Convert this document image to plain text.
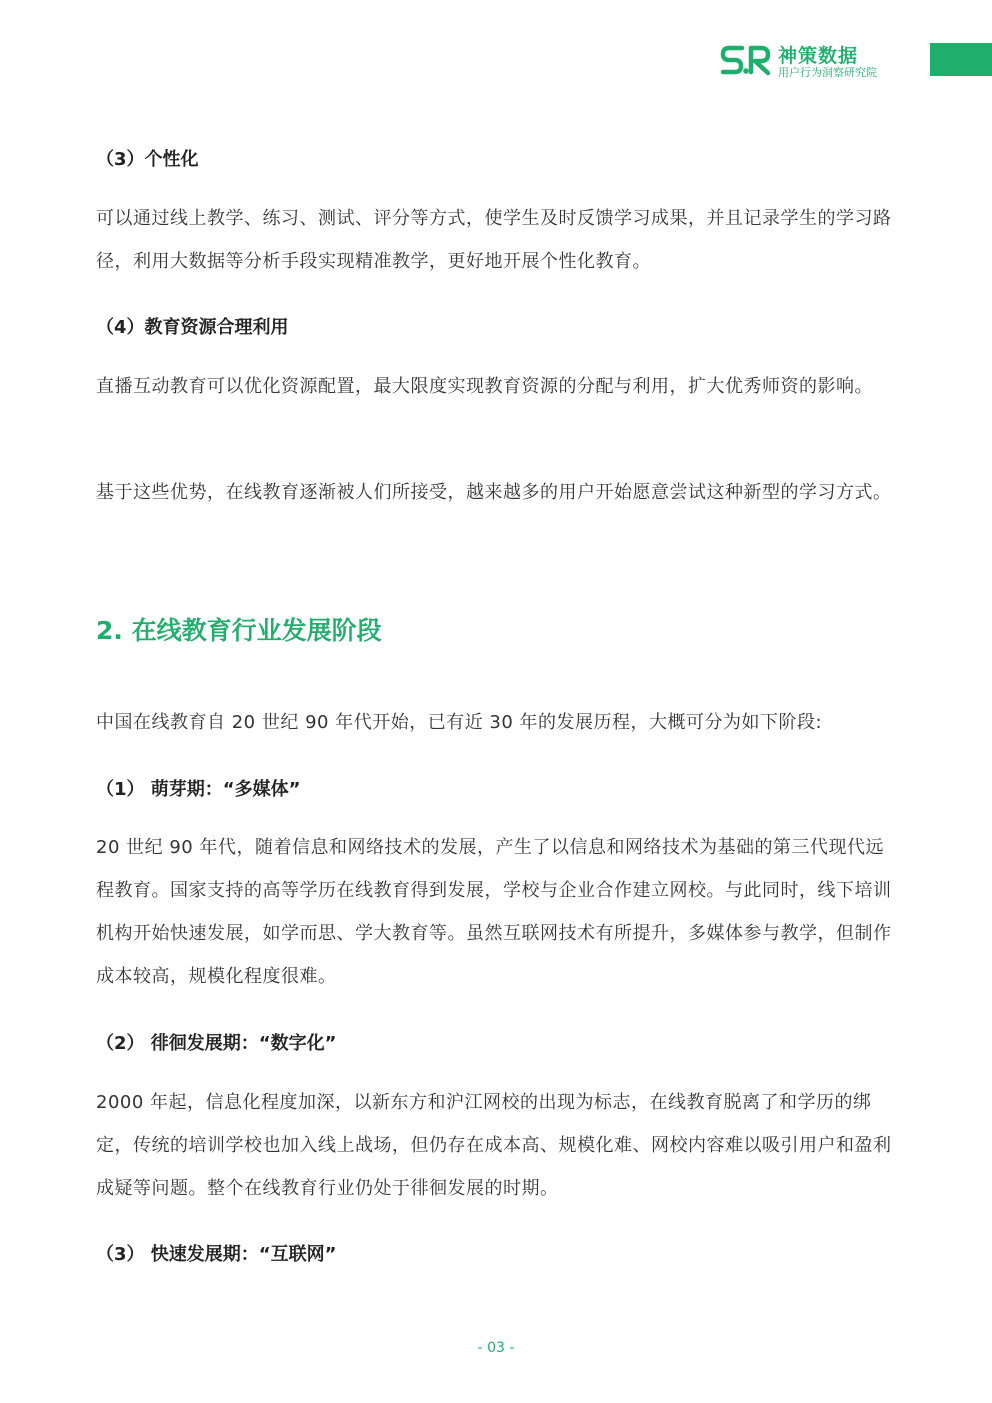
神策数据
用户行为洞察研究院
（3）个性化
可以通过线上教学、练习、测试、评分等方式，使学生及时反馈学习成果，并且记录学生的学习路径，利用大数据等分析手段实现精准教学，更好地开展个性化教育。
（4）教育资源合理利用
直播互动教育可以优化资源配置，最大限度实现教育资源的分配与利用，扩大优秀师资的影响。
基于这些优势，在线教育逐渐被人们所接受，越来越多的用户开始愿意尝试这种新型的学习方式。
2. 在线教育行业发展阶段
中国在线教育自 20 世纪 90 年代开始，已有近 30 年的发展历程，大概可分为如下阶段:
（1） 萌芽期：“多媒体”
20 世纪 90 年代，随着信息和网络技术的发展，产生了以信息和网络技术为基础的第三代现代远程教育。国家支持的高等学历在线教育得到发展，学校与企业合作建立网校。与此同时，线下培训机构开始快速发展，如学而思、学大教育等。虽然互联网技术有所提升，多媒体参与教学，但制作成本较高，规模化程度很难。
（2） 徘徊发展期：“数字化”
2000 年起，信息化程度加深，以新东方和沪江网校的出现为标志，在线教育脱离了和学历的绑定，传统的培训学校也加入线上战场，但仍存在成本高、规模化难、网校内容难以吸引用户和盈利成疑等问题。整个在线教育行业仍处于徘徊发展的时期。
（3） 快速发展期：“互联网”
- 03 -
